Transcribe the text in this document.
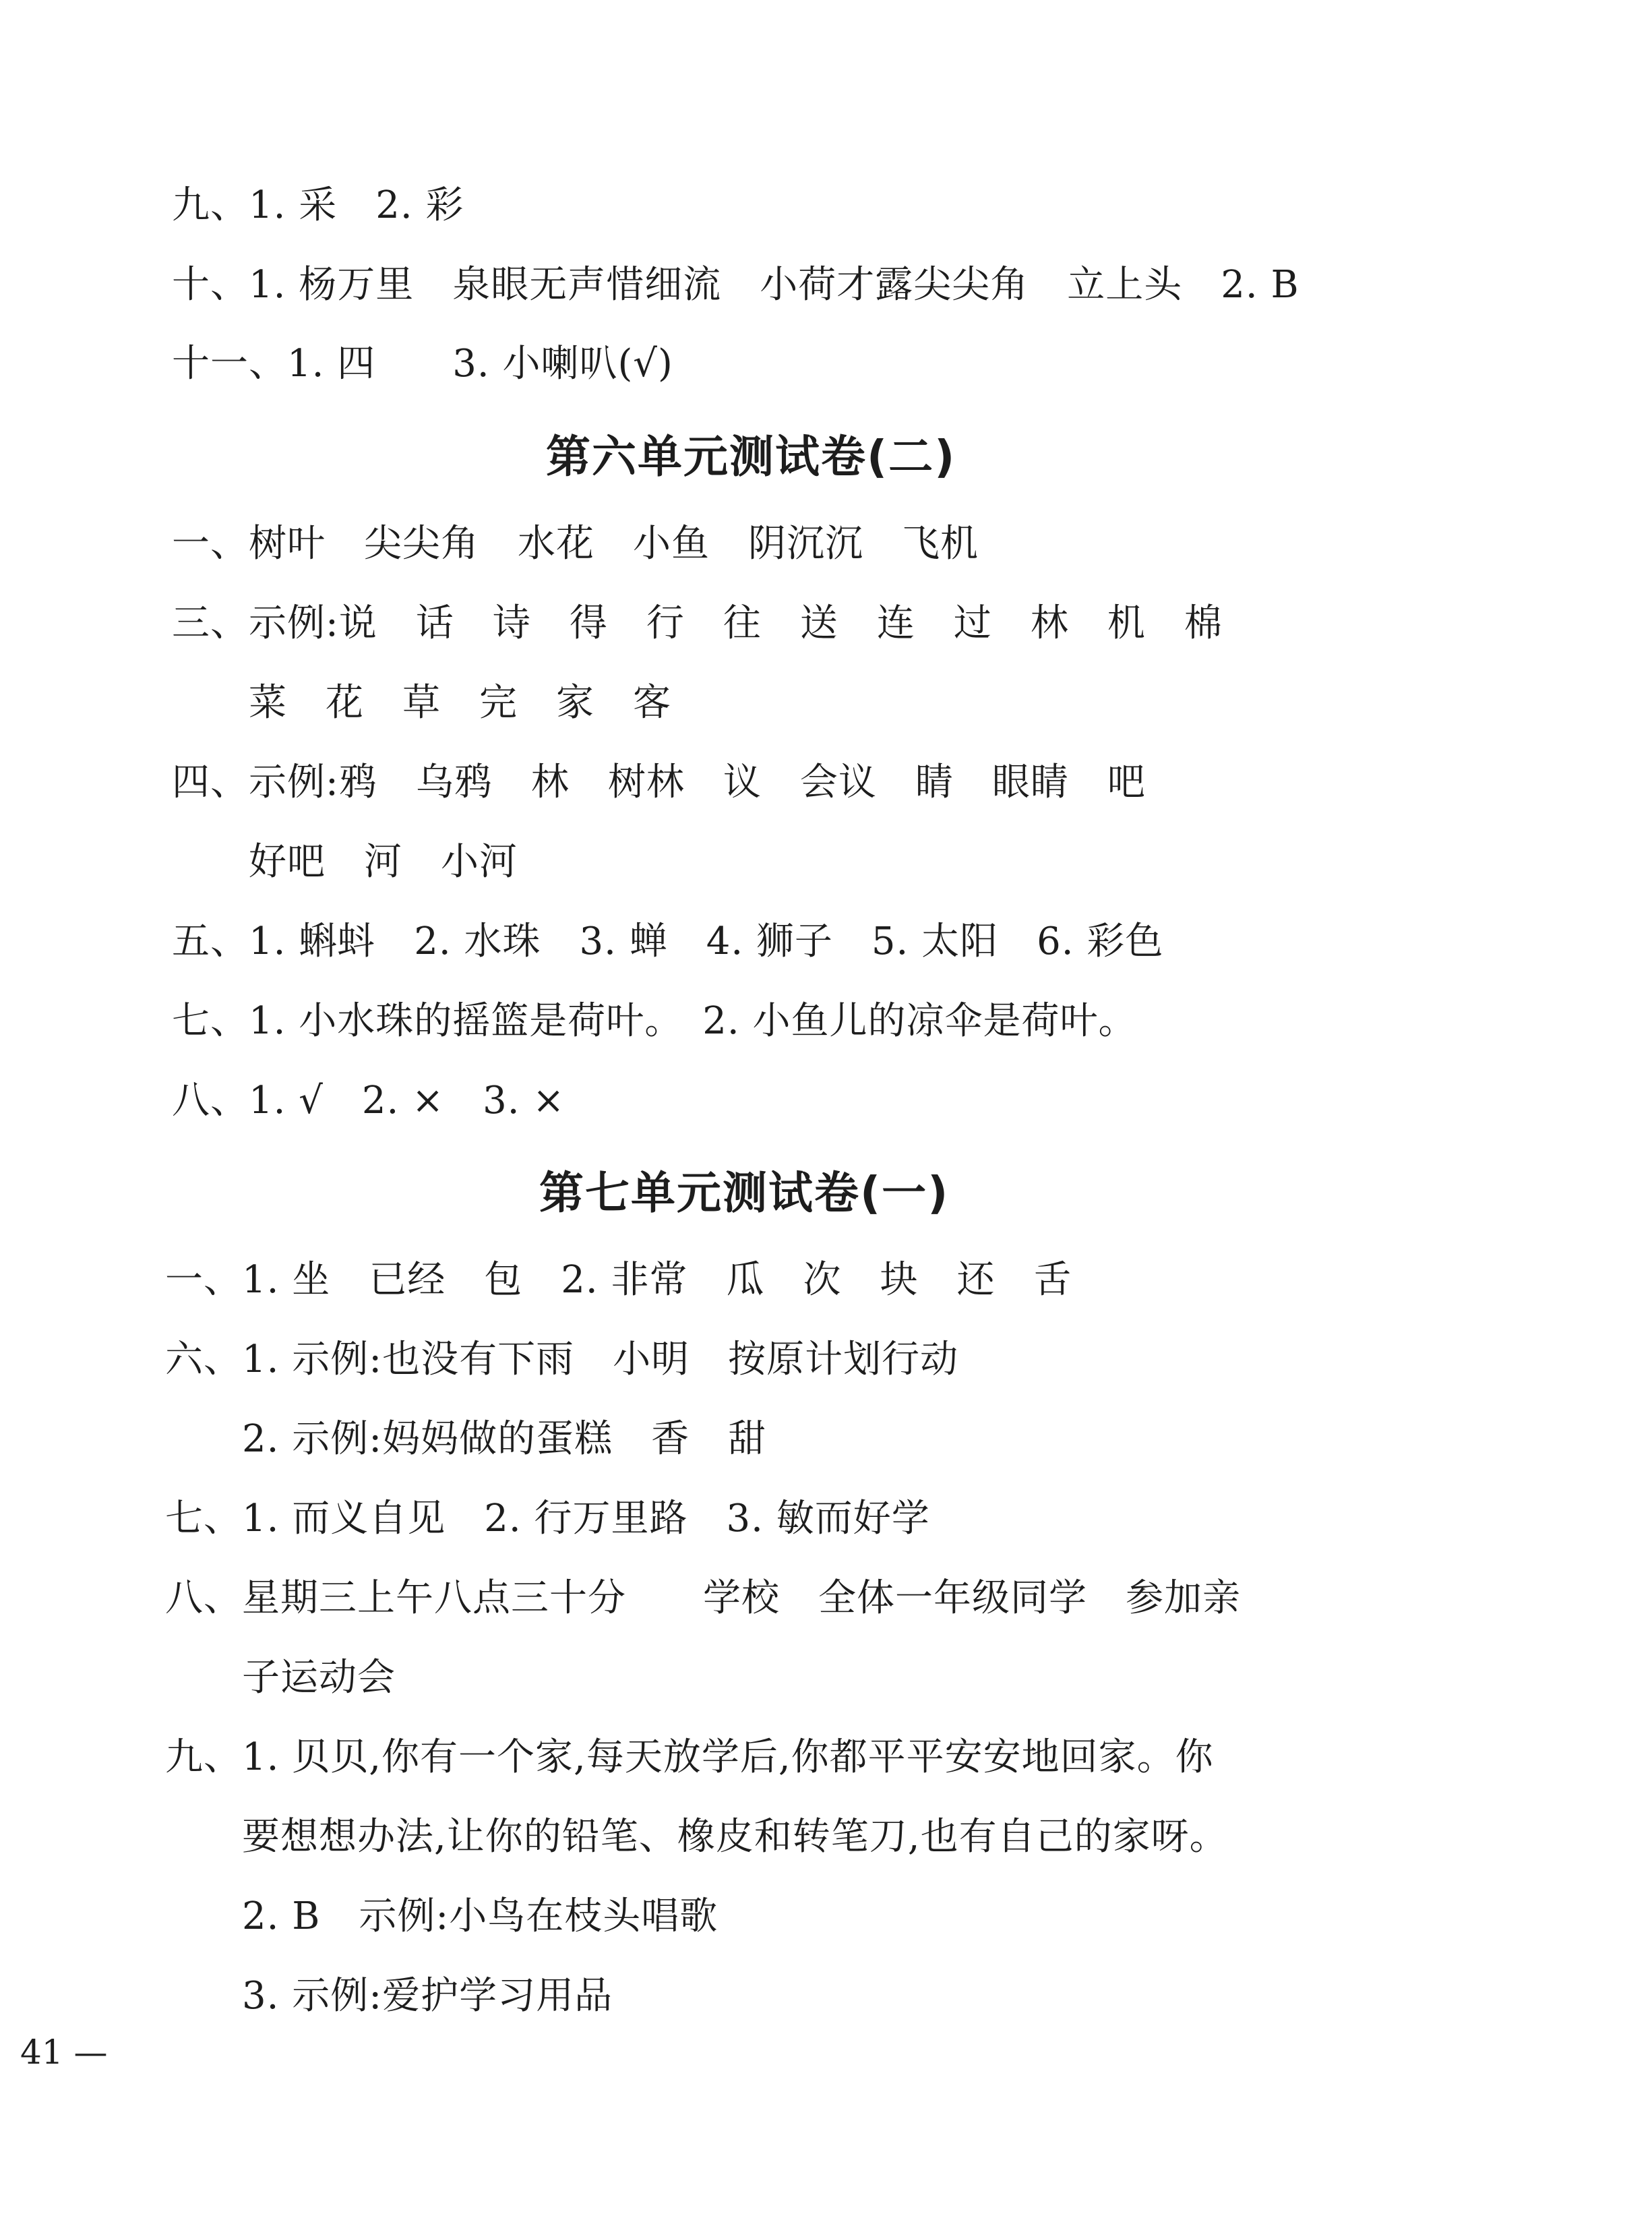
九、1. 采　2. 彩
十、1. 杨万里　泉眼无声惜细流　小荷才露尖尖角　立上头　2. B
十一、1. 四　　3. 小喇叭(√)
第六单元测试卷(二)
一、树叶　尖尖角　水花　小鱼　阴沉沉　飞机
三、示例:说　话　诗　得　行　往　送　连　过　林　机　棉
　　菜　花　草　完　家　客
四、示例:鸦　乌鸦　林　树林　议　会议　睛　眼睛　吧
　　好吧　河　小河
五、1. 蝌蚪　2. 水珠　3. 蝉　4. 狮子　5. 太阳　6. 彩色
七、1. 小水珠的摇篮是荷叶。　2. 小鱼儿的凉伞是荷叶。
八、1. √　2. ×　3. ×
第七单元测试卷(一)
一、1. 坐　已经　包　2. 非常　瓜　次　块　还　舌
六、1. 示例:也没有下雨　小明　按原计划行动
　　2. 示例:妈妈做的蛋糕　香　甜
七、1. 而义自见　2. 行万里路　3. 敏而好学
八、星期三上午八点三十分　　学校　全体一年级同学　参加亲
　　子运动会
九、1. 贝贝,你有一个家,每天放学后,你都平平安安地回家。你
　　要想想办法,让你的铅笔、橡皮和转笔刀,也有自己的家呀。
　　2. B　示例:小鸟在枝头唱歌
　　3. 示例:爱护学习用品
41 —
